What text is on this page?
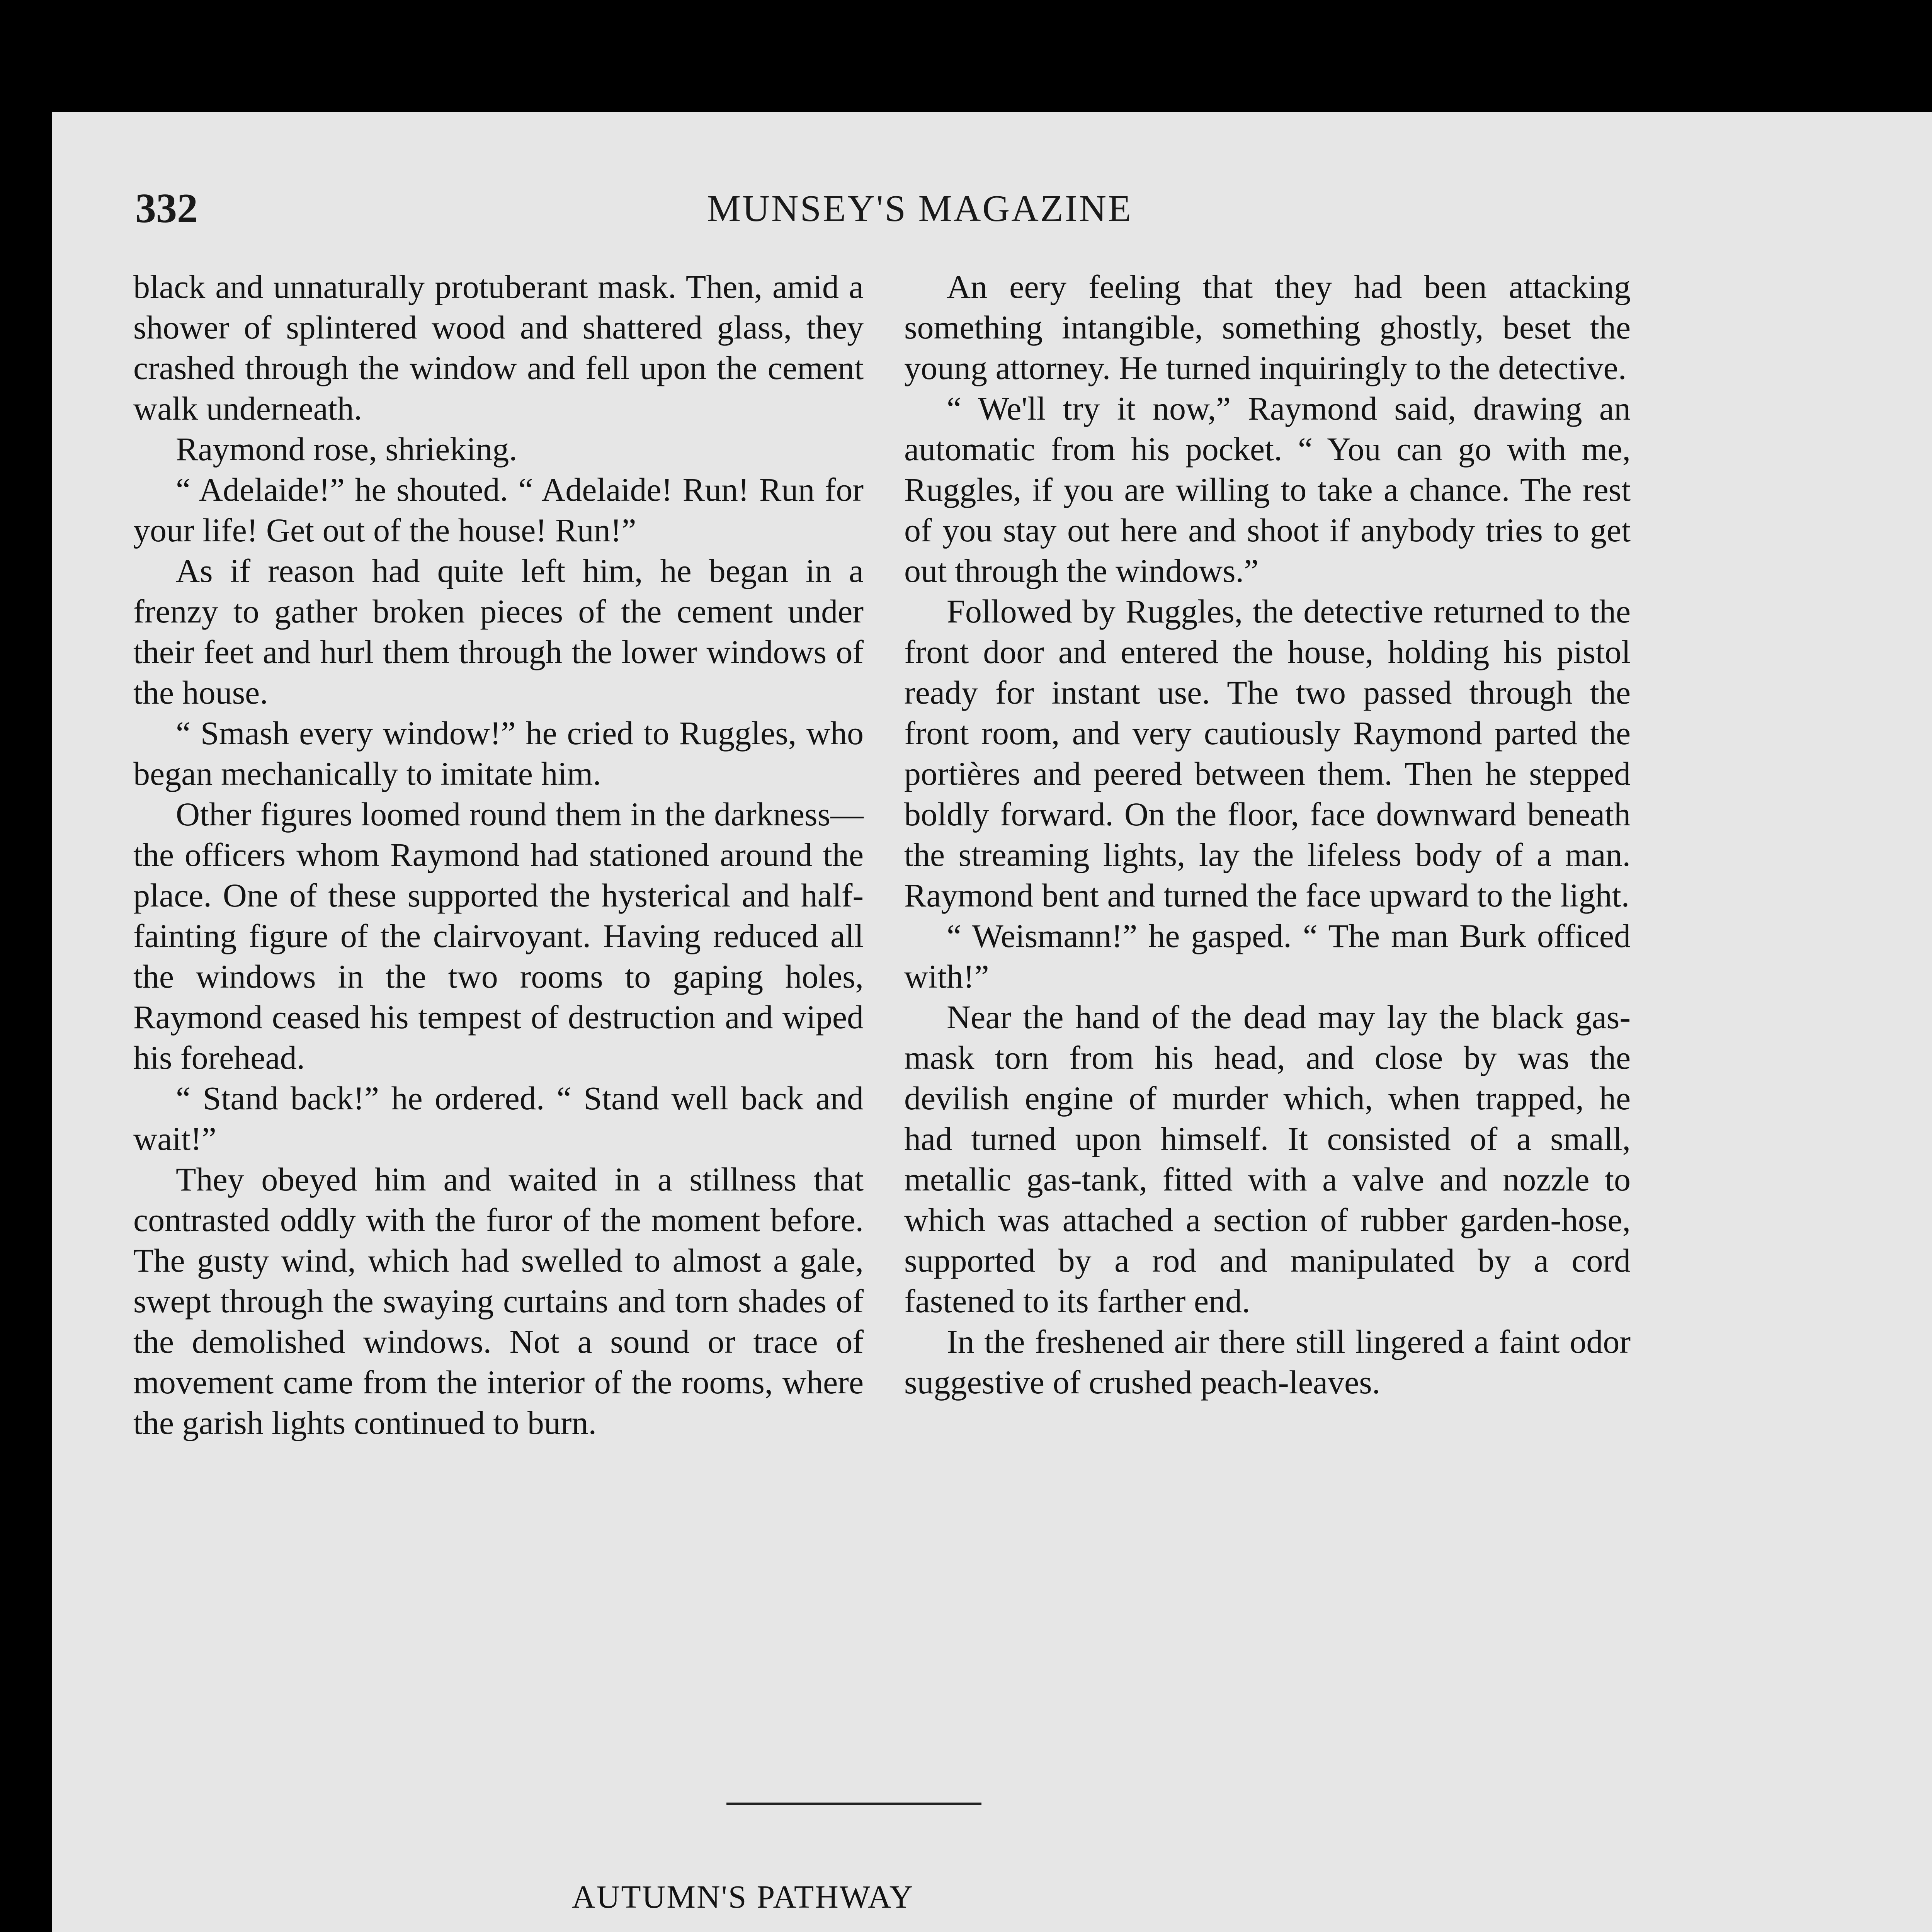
332	MUNSEY'S MAGAZINE

black and unnaturally protuberant mask. Then, amid a shower of splintered wood and shattered glass, they crashed through the window and fell upon the cement walk underneath.

Raymond rose, shrieking.

“ Adelaide!” he shouted. “ Adelaide! Run! Run for your life! Get out of the house! Run!”

As if reason had quite left him, he began in a frenzy to gather broken pieces of the cement under their feet and hurl them through the lower windows of the house.

“ Smash every window!” he cried to Ruggles, who began mechanically to imitate him.

Other figures loomed round them in the darkness—the officers whom Raymond had stationed around the place. One of these supported the hysterical and half-fainting figure of the clairvoyant. Having reduced all the windows in the two rooms to gaping holes, Raymond ceased his tempest of destruction and wiped his forehead.

“ Stand back!” he ordered. “ Stand well back and wait!”

They obeyed him and waited in a stillness that contrasted oddly with the furor of the moment before. The gusty wind, which had swelled to almost a gale, swept through the swaying curtains and torn shades of the demolished windows. Not a sound or trace of movement came from the interior of the rooms, where the garish lights continued to burn.

An eery feeling that they had been attacking something intangible, something ghostly, beset the young attorney. He turned inquiringly to the detective.

“ We'll try it now,” Raymond said, drawing an automatic from his pocket. “ You can go with me, Ruggles, if you are willing to take a chance. The rest of you stay out here and shoot if anybody tries to get out through the windows.”

Followed by Ruggles, the detective returned to the front door and entered the house, holding his pistol ready for instant use. The two passed through the front room, and very cautiously Raymond parted the portières and peered between them. Then he stepped boldly forward. On the floor, face downward beneath the streaming lights, lay the lifeless body of a man. Raymond bent and turned the face upward to the light.

“ Weismann!” he gasped. “ The man Burk officed with!”

Near the hand of the dead may lay the black gas-mask torn from his head, and close by was the devilish engine of murder which, when trapped, he had turned upon himself. It consisted of a small, metallic gas-tank, fitted with a valve and nozzle to which was attached a section of rubber garden-hose, supported by a rod and manipulated by a cord fastened to its farther end.

In the freshened air there still lingered a faint odor suggestive of crushed peach-leaves.

AUTUMN'S PATHWAY
